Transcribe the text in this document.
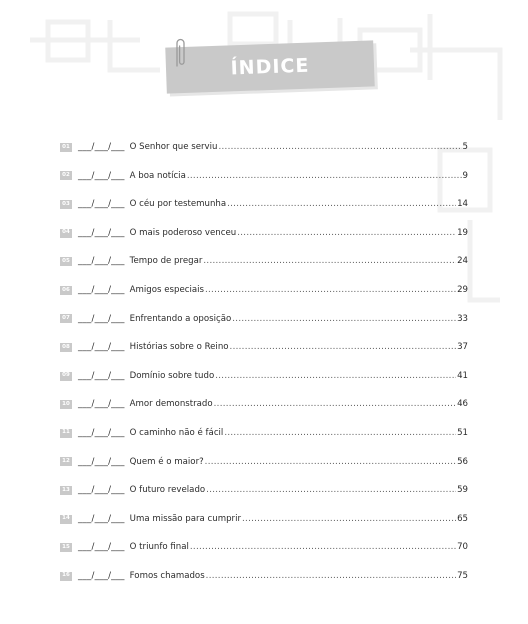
ÍNDICE
01 ___/___/___ O Senhor que serviu .....	5
02 ___/___/___ A boa notícia .....	9
03 ___/___/___ O céu por testemunha .....	14
04 ___/___/___ O mais poderoso venceu .....	19
05 ___/___/___ Tempo de pregar .....	24
06 ___/___/___ Amigos especiais .....	29
07 ___/___/___ Enfrentando a oposição .....	33
08 ___/___/___ Histórias sobre o Reino .....	37
09 ___/___/___ Domínio sobre tudo .....	41
10 ___/___/___ Amor demonstrado .....	46
11 ___/___/___ O caminho não é fácil .....	51
12 ___/___/___ Quem é o maior? .....	56
13 ___/___/___ O futuro revelado .....	59
14 ___/___/___ Uma missão para cumprir .....	65
15 ___/___/___ O triunfo final .....	70
16 ___/___/___ Fomos chamados .....	75
